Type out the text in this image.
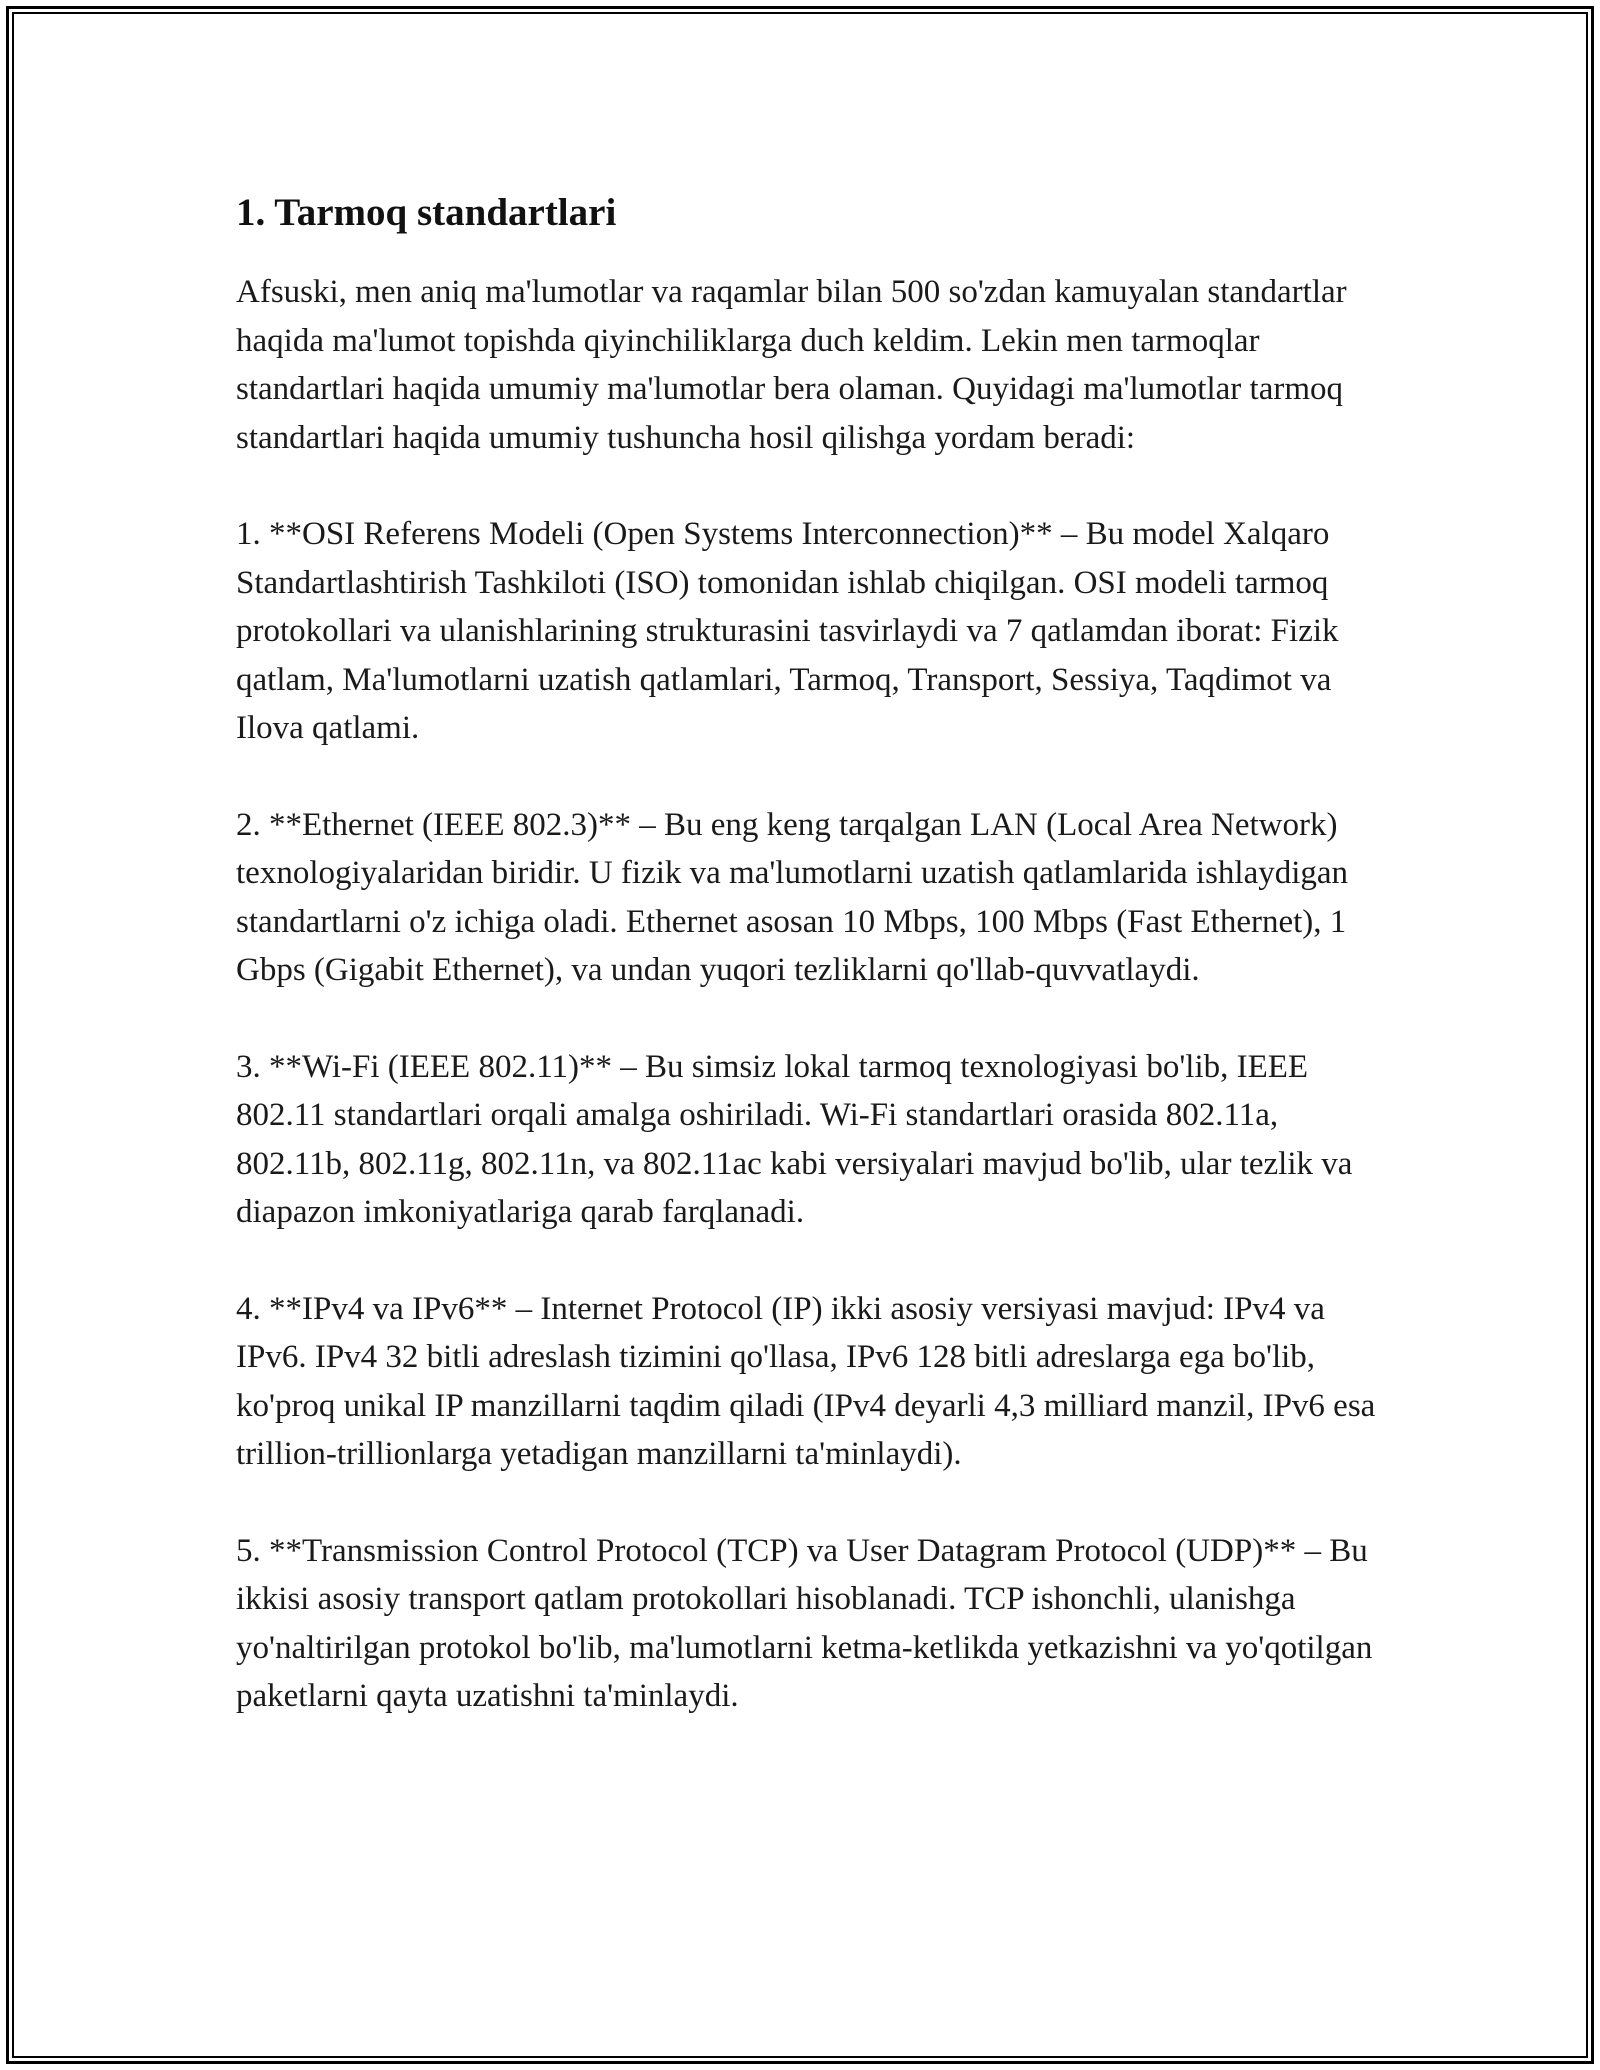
1. Tarmoq standartlari

Afsuski, men aniq ma'lumotlar va raqamlar bilan 500 so'zdan kamuyalan standartlar haqida ma'lumot topishda qiyinchiliklarga duch keldim. Lekin men tarmoqlar standartlari haqida umumiy ma'lumotlar bera olaman. Quyidagi ma'lumotlar tarmoq standartlari haqida umumiy tushuncha hosil qilishga yordam beradi:

1. **OSI Referens Modeli (Open Systems Interconnection)** – Bu model Xalqaro Standartlashtirish Tashkiloti (ISO) tomonidan ishlab chiqilgan. OSI modeli tarmoq protokollari va ulanishlarining strukturasini tasvirlaydi va 7 qatlamdan iborat: Fizik qatlam, Ma'lumotlarni uzatish qatlamlari, Tarmoq, Transport, Sessiya, Taqdimot va Ilova qatlami.

2. **Ethernet (IEEE 802.3)** – Bu eng keng tarqalgan LAN (Local Area Network) texnologiyalaridan biridir. U fizik va ma'lumotlarni uzatish qatlamlarida ishlaydigan standartlarni o'z ichiga oladi. Ethernet asosan 10 Mbps, 100 Mbps (Fast Ethernet), 1 Gbps (Gigabit Ethernet), va undan yuqori tezliklarni qo'llab-quvvatlaydi.

3. **Wi-Fi (IEEE 802.11)** – Bu simsiz lokal tarmoq texnologiyasi bo'lib, IEEE 802.11 standartlari orqali amalga oshiriladi. Wi-Fi standartlari orasida 802.11a, 802.11b, 802.11g, 802.11n, va 802.11ac kabi versiyalari mavjud bo'lib, ular tezlik va diapazon imkoniyatlariga qarab farqlanadi.

4. **IPv4 va IPv6** – Internet Protocol (IP) ikki asosiy versiyasi mavjud: IPv4 va IPv6. IPv4 32 bitli adreslash tizimini qo'llasa, IPv6 128 bitli adreslarga ega bo'lib, ko'proq unikal IP manzillarni taqdim qiladi (IPv4 deyarli 4,3 milliard manzil, IPv6 esa trillion-trillionlarga yetadigan manzillarni ta'minlaydi).

5. **Transmission Control Protocol (TCP) va User Datagram Protocol (UDP)** – Bu ikkisi asosiy transport qatlam protokollari hisoblanadi. TCP ishonchli, ulanishga yo'naltirilgan protokol bo'lib, ma'lumotlarni ketma-ketlikda yetkazishni va yo'qotilgan paketlarni qayta uzatishni ta'minlaydi.
